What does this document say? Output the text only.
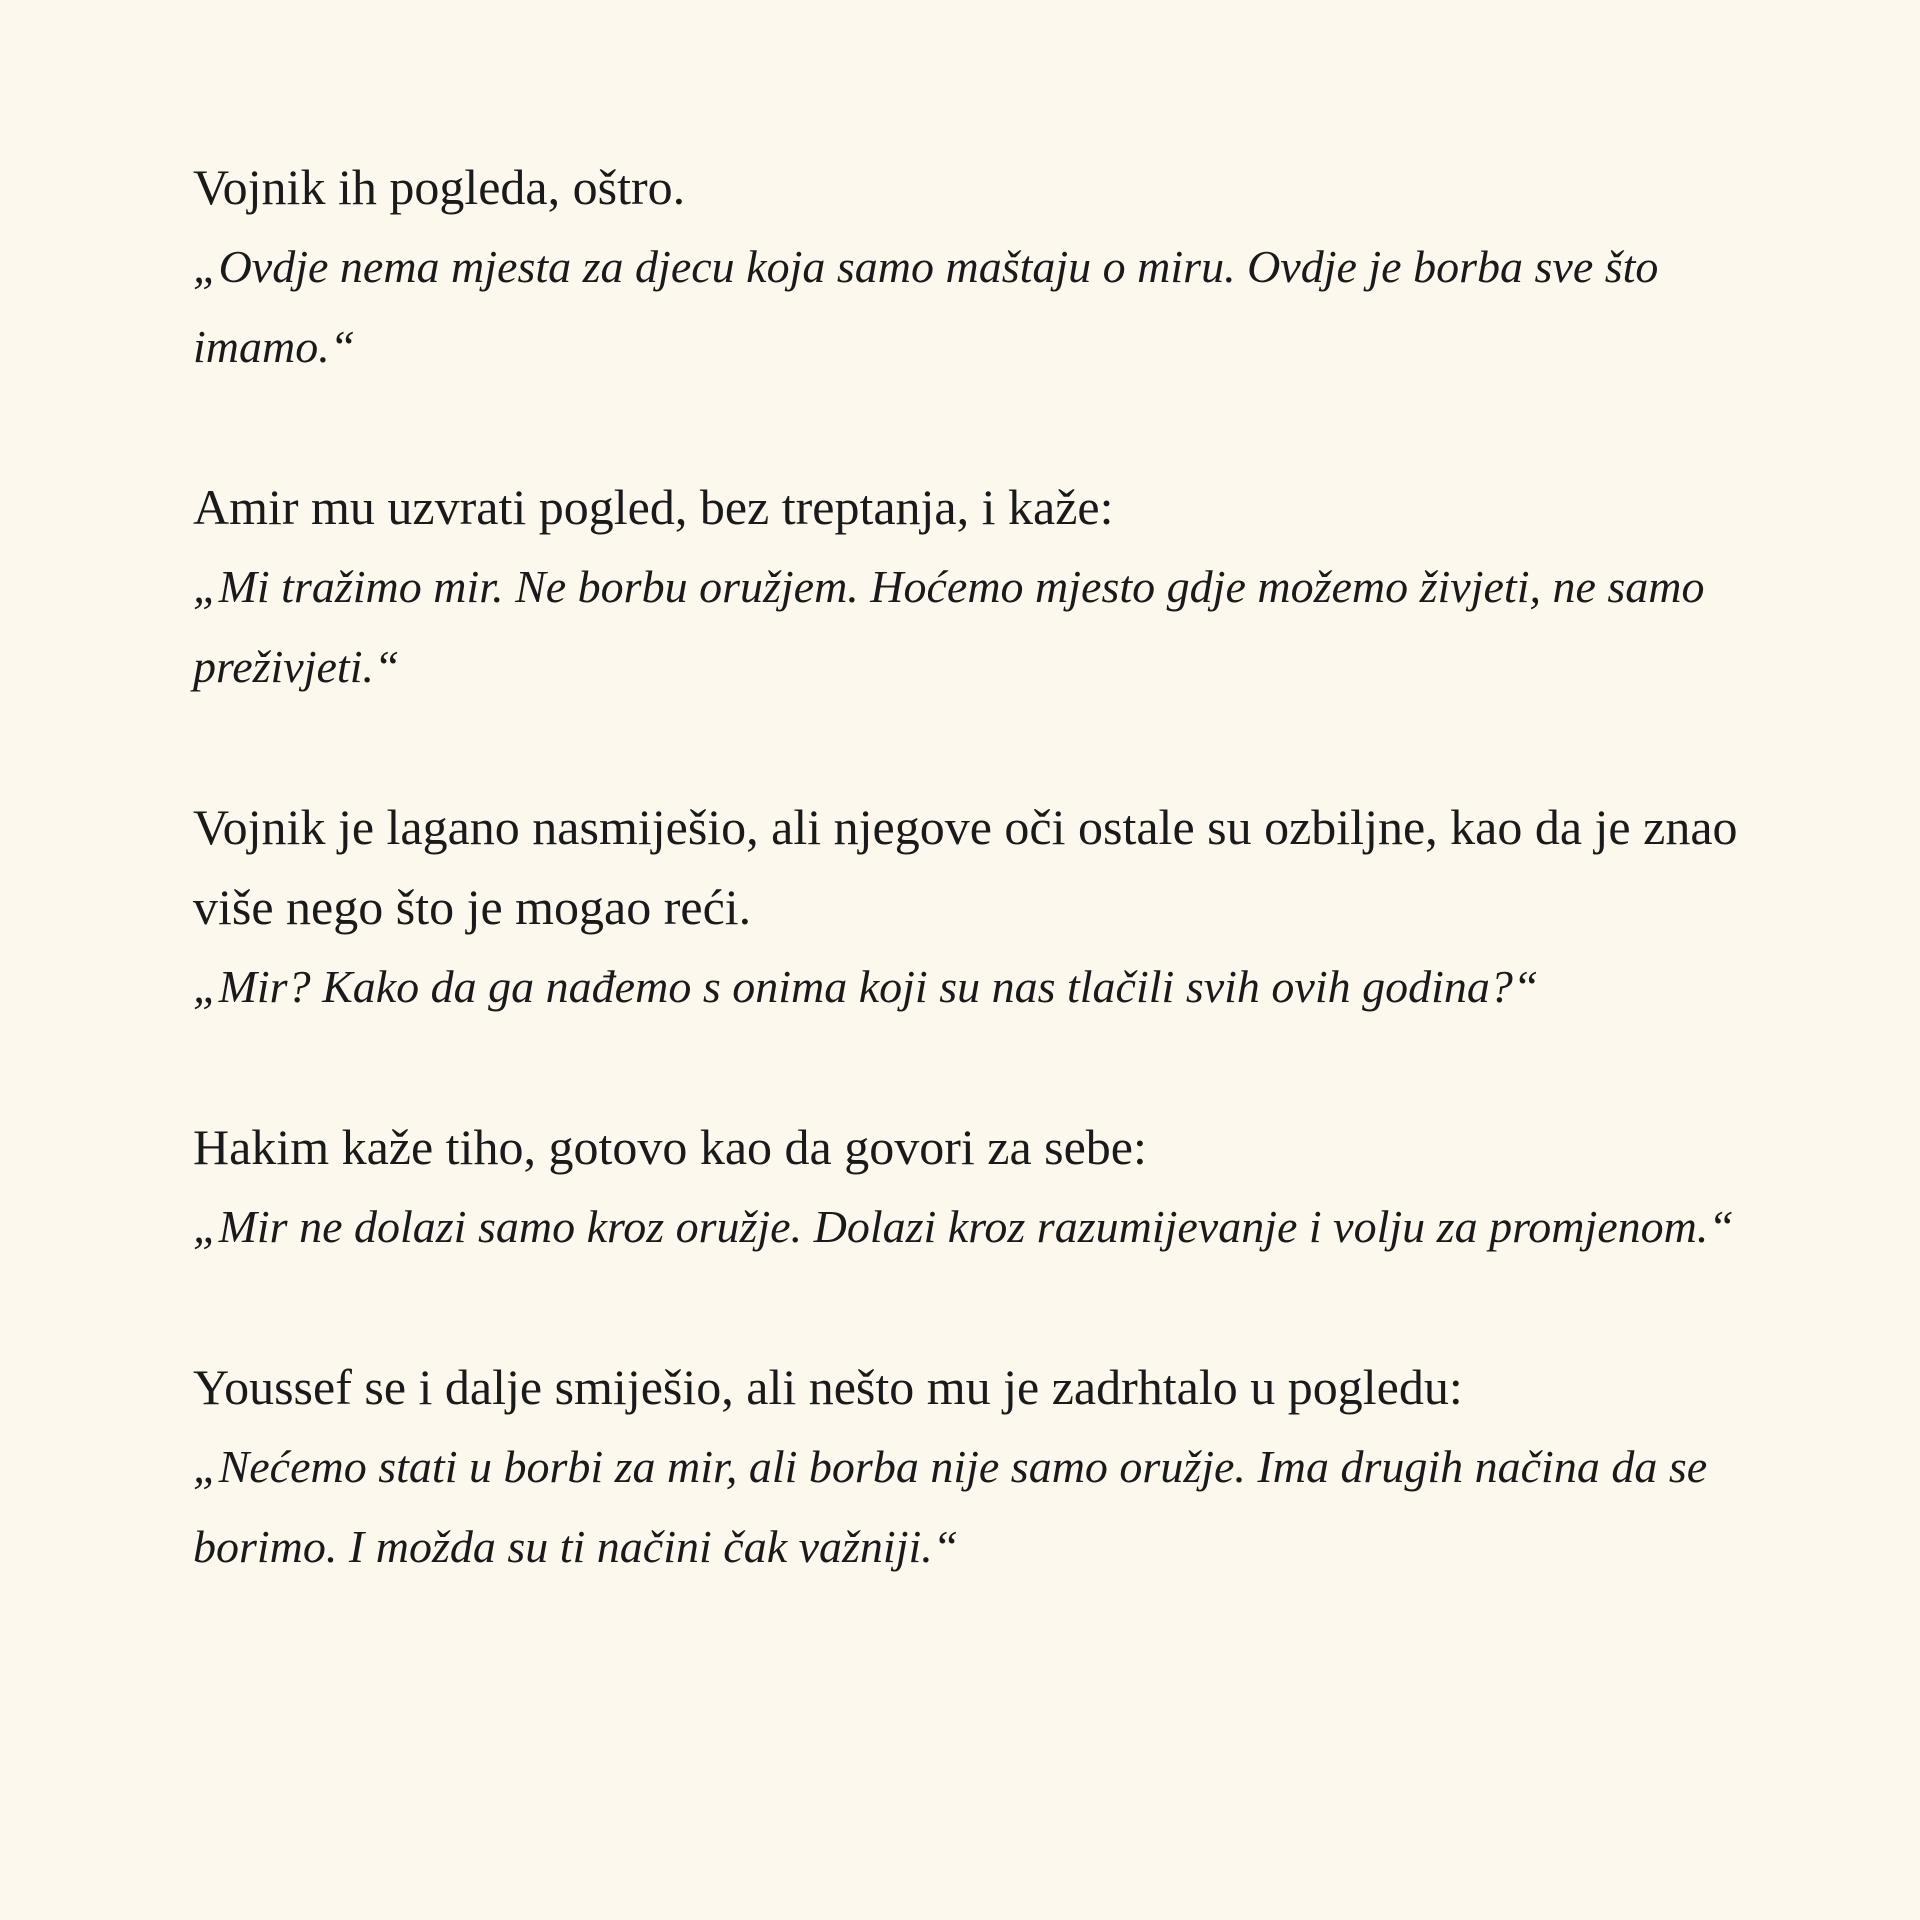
Vojnik ih pogleda, oštro.

„Ovdje nema mjesta za djecu koja samo maštaju o miru. Ovdje je borba sve što imamo.“

Amir mu uzvrati pogled, bez treptanja, i kaže:

„Mi tražimo mir. Ne borbu oružjem. Hoćemo mjesto gdje možemo živjeti, ne samo preživjeti.“

Vojnik je lagano nasmiješio, ali njegove oči ostale su ozbiljne, kao da je znao više nego što je mogao reći.

„Mir? Kako da ga nađemo s onima koji su nas tlačili svih ovih godina?“

Hakim kaže tiho, gotovo kao da govori za sebe:

„Mir ne dolazi samo kroz oružje. Dolazi kroz razumijevanje i volju za promjenom.“

Youssef se i dalje smiješio, ali nešto mu je zadrhtalo u pogledu:

„Nećemo stati u borbi za mir, ali borba nije samo oružje. Ima drugih načina da se borimo. I možda su ti načini čak važniji.“
